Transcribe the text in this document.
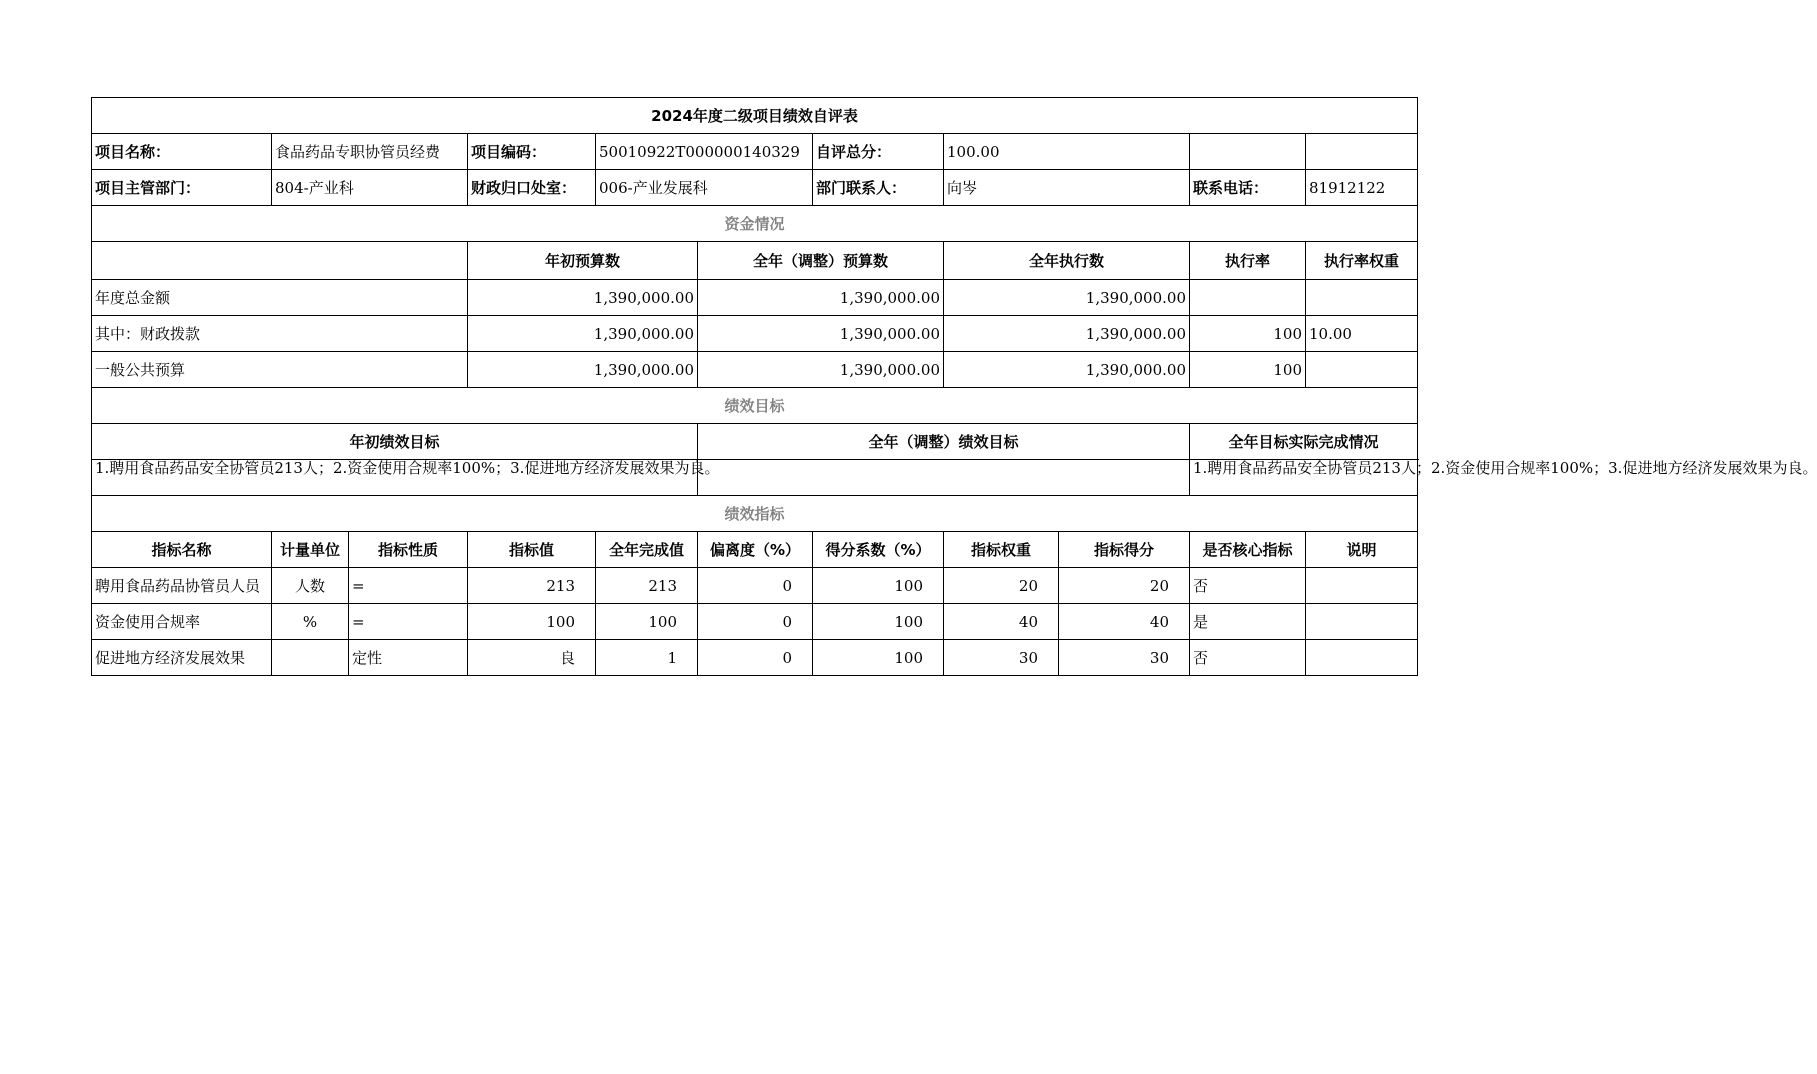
2024年度二级项目绩效自评表											
项目名称：	食品药品专职协管员经费		项目编码：	50010922T000000140329		自评总分：	100.00				
项目主管部门：	804-产业科		财政归口处室：	006-产业发展科		部门联系人：	向岑		联系电话：	81912122	
资金情况											
			年初预算数		全年（调整）预算数		全年执行数		执行率	执行率权重	
年度总金额			1,390,000.00		1,390,000.00		1,390,000.00				
其中：财政拨款			1,390,000.00		1,390,000.00		1,390,000.00		100	10.00	
一般公共预算			1,390,000.00		1,390,000.00		1,390,000.00		100		
绩效目标											
年初绩效目标					全年（调整）绩效目标				全年目标实际完成情况		
1.聘用食品药品安全协管员213人；2.资金使用合规率100%；3.促进地方经济发展效果为良。									1.聘用食品药品安全协管员213人；2.资金使用合规率100%；3.促进地方经济发展效果为良。		
绩效指标											
指标名称	计量单位	指标性质	指标值	全年完成值	偏离度（%）	得分系数（%）	指标权重	指标得分	是否核心指标	说明	
聘用食品药品协管员人员	人数	=	213	213	0	100	20	20	否		
资金使用合规率	%	=	100	100	0	100	40	40	是		
促进地方经济发展效果		定性	良	1	0	100	30	30	否		
